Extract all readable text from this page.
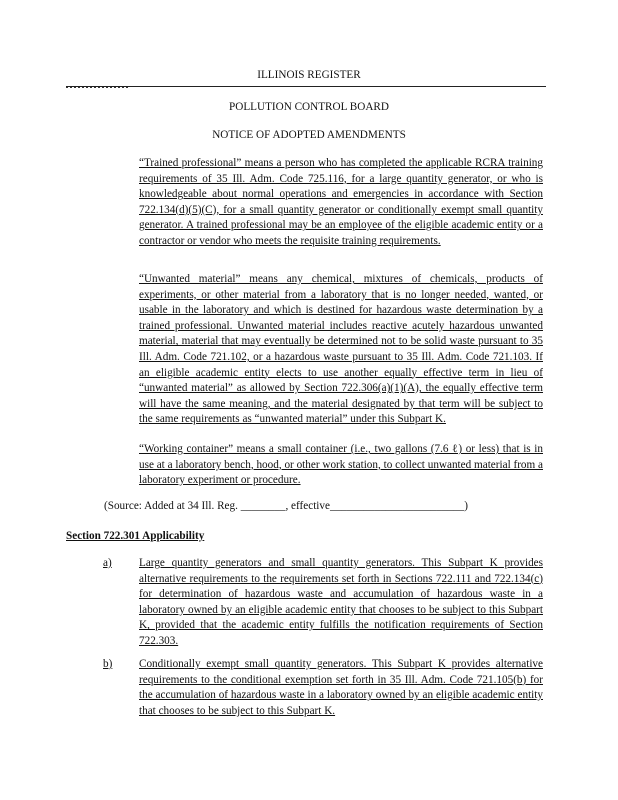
ILLINOIS REGISTER
POLLUTION CONTROL BOARD
NOTICE OF ADOPTED AMENDMENTS

“Trained professional” means a person who has completed the applicable RCRA training requirements of 35 Ill. Adm. Code 725.116, for a large quantity generator, or who is knowledgeable about normal operations and emergencies in accordance with Section 722.134(d)(5)(C), for a small quantity generator or conditionally exempt small quantity generator. A trained professional may be an employee of the eligible academic entity or a contractor or vendor who meets the requisite training requirements.

“Unwanted material” means any chemical, mixtures of chemicals, products of experiments, or other material from a laboratory that is no longer needed, wanted, or usable in the laboratory and which is destined for hazardous waste determination by a trained professional. Unwanted material includes reactive acutely hazardous unwanted material, material that may eventually be determined not to be solid waste pursuant to 35 Ill. Adm. Code 721.102, or a hazardous waste pursuant to 35 Ill. Adm. Code 721.103. If an eligible academic entity elects to use another equally effective term in lieu of “unwanted material” as allowed by Section 722.306(a)(1)(A), the equally effective term will have the same meaning, and the material designated by that term will be subject to the same requirements as “unwanted material” under this Subpart K.

“Working container” means a small container (i.e., two gallons (7.6 ℓ) or less) that is in use at a laboratory bench, hood, or other work station, to collect unwanted material from a laboratory experiment or procedure.

(Source: Added at 34 Ill. Reg. ________, effective________________________)
Section 722.301 Applicability
a)	Large quantity generators and small quantity generators. This Subpart K provides alternative requirements to the requirements set forth in Sections 722.111 and 722.134(c) for determination of hazardous waste and accumulation of hazardous waste in a laboratory owned by an eligible academic entity that chooses to be subject to this Subpart K, provided that the academic entity fulfills the notification requirements of Section 722.303.
b)	Conditionally exempt small quantity generators. This Subpart K provides alternative requirements to the conditional exemption set forth in 35 Ill. Adm. Code 721.105(b) for the accumulation of hazardous waste in a laboratory owned by an eligible academic entity that chooses to be subject to this Subpart K.
